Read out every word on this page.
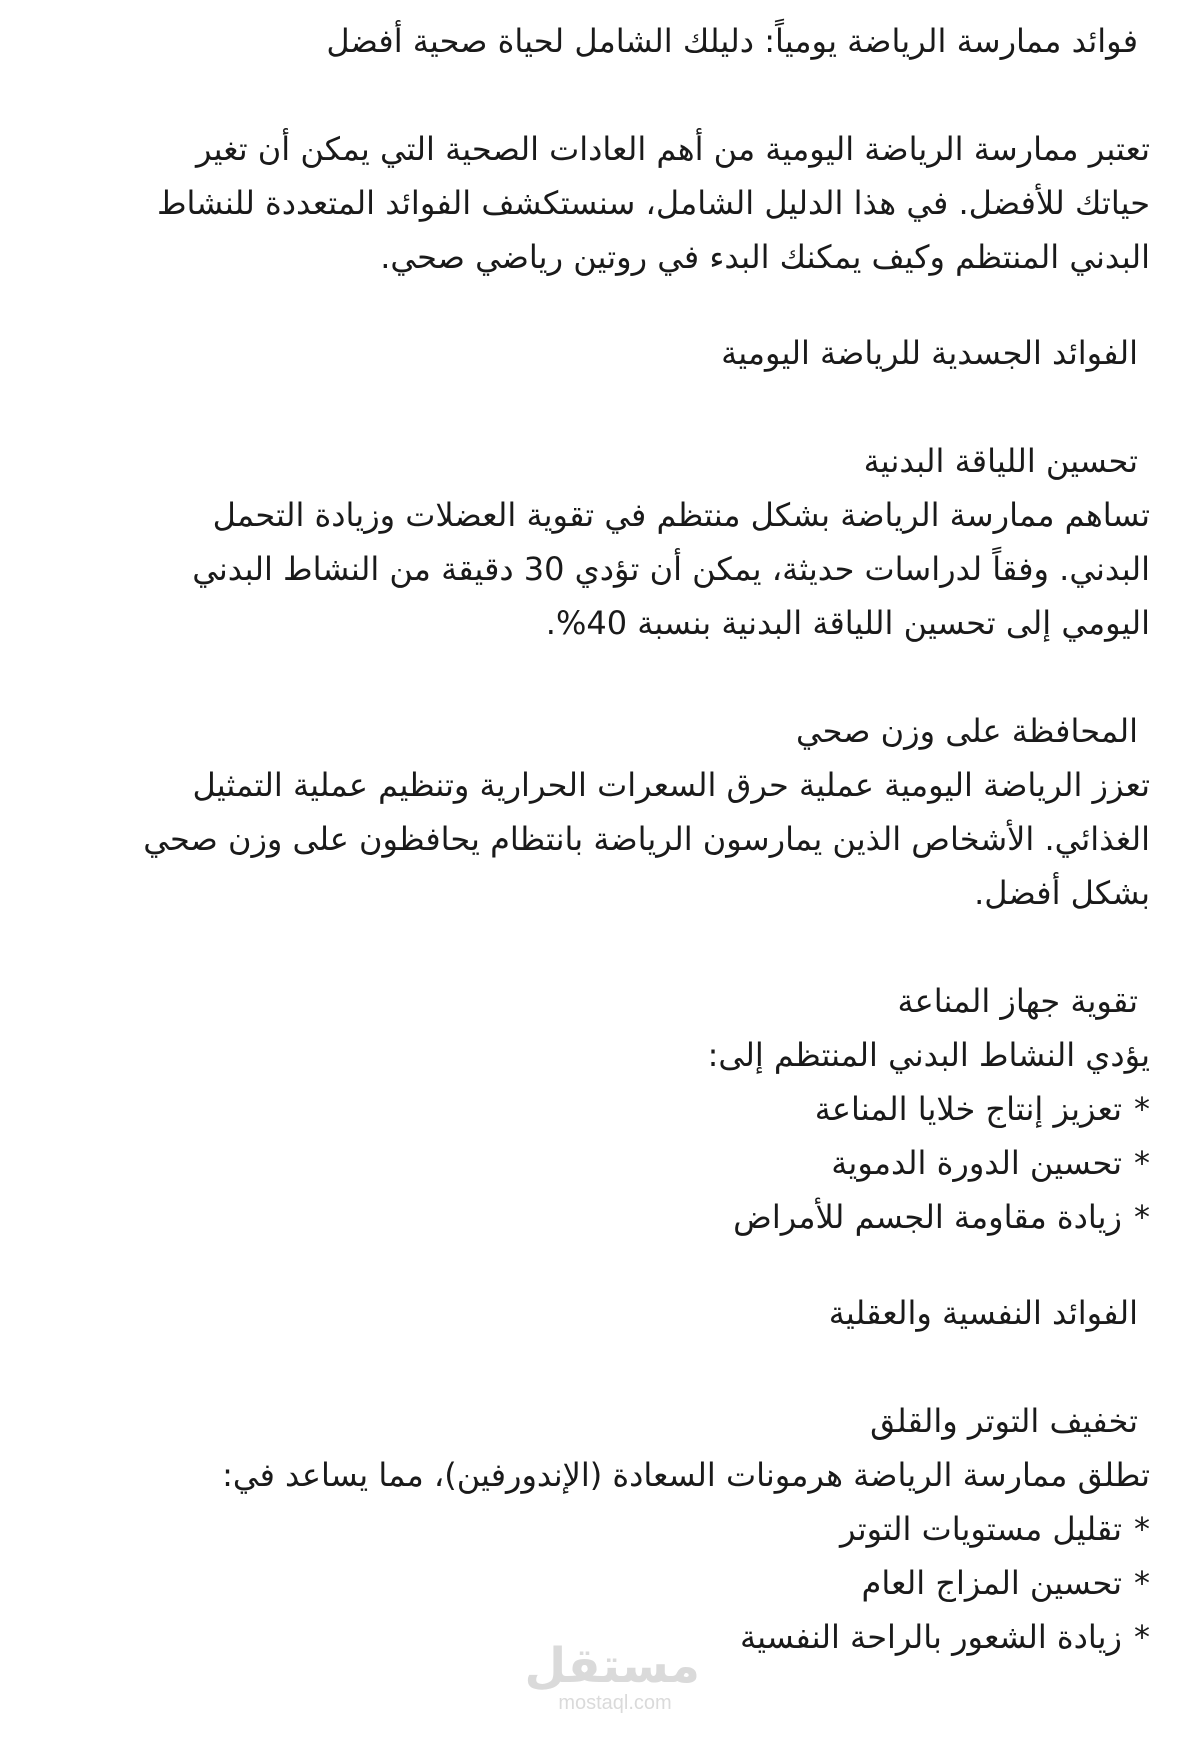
فوائد ممارسة الرياضة يومياً: دليلك الشامل لحياة صحية أفضل

تعتبر ممارسة الرياضة اليومية من أهم العادات الصحية التي يمكن أن تغير

حياتك للأفضل. في هذا الدليل الشامل، سنستكشف الفوائد المتعددة للنشاط

البدني المنتظم وكيف يمكنك البدء في روتين رياضي صحي.

الفوائد الجسدية للرياضة اليومية

تحسين اللياقة البدنية

تساهم ممارسة الرياضة بشكل منتظم في تقوية العضلات وزيادة التحمل

البدني. وفقاً لدراسات حديثة، يمكن أن تؤدي 30 دقيقة من النشاط البدني

اليومي إلى تحسين اللياقة البدنية بنسبة 40%.

المحافظة على وزن صحي

تعزز الرياضة اليومية عملية حرق السعرات الحرارية وتنظيم عملية التمثيل

الغذائي. الأشخاص الذين يمارسون الرياضة بانتظام يحافظون على وزن صحي

بشكل أفضل.

تقوية جهاز المناعة

يؤدي النشاط البدني المنتظم إلى:

*تعزيز إنتاج خلايا المناعة
*تحسين الدورة الدموية
*زيادة مقاومة الجسم للأمراض

الفوائد النفسية والعقلية

تخفيف التوتر والقلق

تطلق ممارسة الرياضة هرمونات السعادة (الإندورفين)، مما يساعد في:

*تقليل مستويات التوتر
*تحسين المزاج العام
*زيادة الشعور بالراحة النفسية
مستقل
mostaql.com
